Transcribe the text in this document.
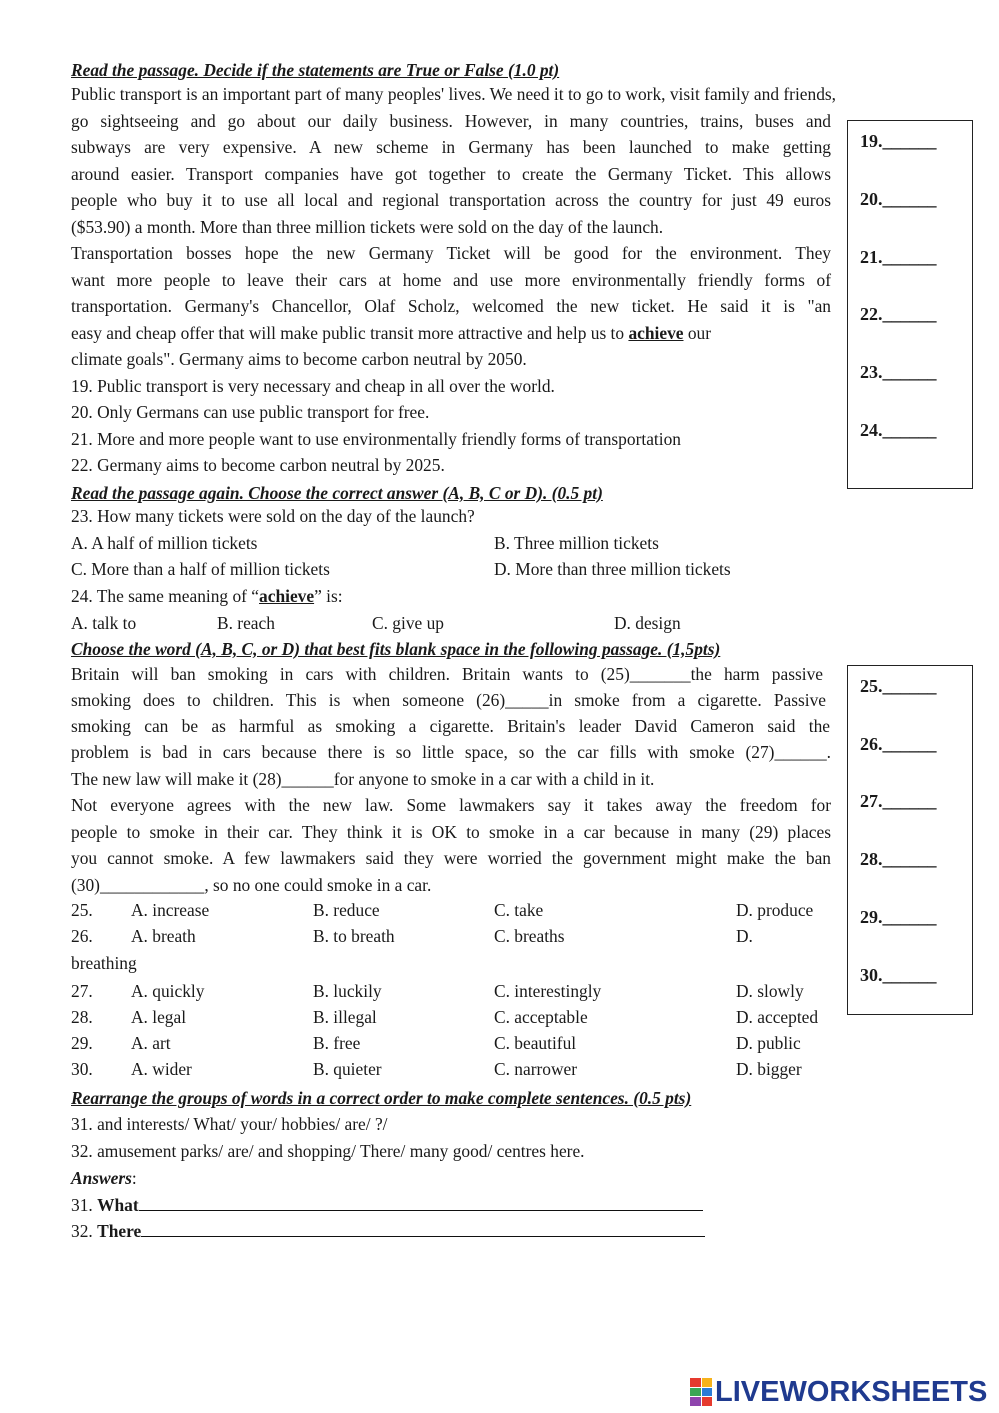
Read the passage. Decide if the statements are True or False (1.0 pt)
Public transport is an important part of many peoples' lives. We need it to go to work, visit family and friends,
go sightseeing and go about our daily business. However, in many countries, trains, buses and
subways are very expensive. A new scheme in Germany has been launched to make getting
around easier. Transport companies have got together to create the Germany Ticket. This allows
people who buy it to use all local and regional transportation across the country for just 49 euros
($53.90) a month. More than three million tickets were sold on the day of the launch.
Transportation bosses hope the new Germany Ticket will be good for the environment. They
want more people to leave their cars at home and use more environmentally friendly forms of
transportation. Germany's Chancellor, Olaf Scholz, welcomed the new ticket. He said it is "an
easy and cheap offer that will make public transit more attractive and help us to achieve our
climate goals". Germany aims to become carbon neutral by 2050.
19. Public transport is very necessary and cheap in all over the world.
20. Only Germans can use public transport for free.
21. More and more people want to use environmentally friendly forms of transportation
22. Germany aims to become carbon neutral by 2025.
19.______
20.______
21.______
22.______
23.______
24.______
Read the passage again. Choose the correct answer (A, B, C or D). (0.5 pt)
23. How many tickets were sold on the day of the launch?
A. A half of million tickets	B. Three million tickets
C. More than a half of million tickets	D. More than three million tickets
24. The same meaning of “achieve” is:
A. talk to	B. reach	C. give up	D. design
Choose the word (A, B, C, or D) that best fits blank space in the following passage. (1,5pts)
Britain will ban smoking in cars with children. Britain wants to (25)_______the harm passive
smoking does to children. This is when someone (26)_____in smoke from a cigarette. Passive
smoking can be as harmful as smoking a cigarette. Britain's leader David Cameron said the
problem is bad in cars because there is so little space, so the car fills with smoke (27)______.
The new law will make it (28)______for anyone to smoke in a car with a child in it.
Not everyone agrees with the new law. Some lawmakers say it takes away the freedom for
people to smoke in their car. They think it is OK to smoke in a car because in many (29) places
you cannot smoke. A few lawmakers said they were worried the government might make the ban
(30)____________, so no one could smoke in a car.
25. A. increase	B. reduce	C. take	D. produce
26. A. breath	B. to breath	C. breaths	D.
breathing
27. A. quickly	B. luckily	C. interestingly	D. slowly
28. A. legal	B. illegal	C. acceptable	D. accepted
29. A. art	B. free	C. beautiful	D. public
30. A. wider	B. quieter	C. narrower	D. bigger
25.______
26.______
27.______
28.______
29.______
30.______
Rearrange the groups of words in a correct order to make complete sentences. (0.5 pts)
31. and interests/ What/ your/ hobbies/ are/ ?/
32. amusement parks/ are/ and shopping/ There/ many good/ centres here.
Answers:
31. What
32. There
LIVEWORKSHEETS
